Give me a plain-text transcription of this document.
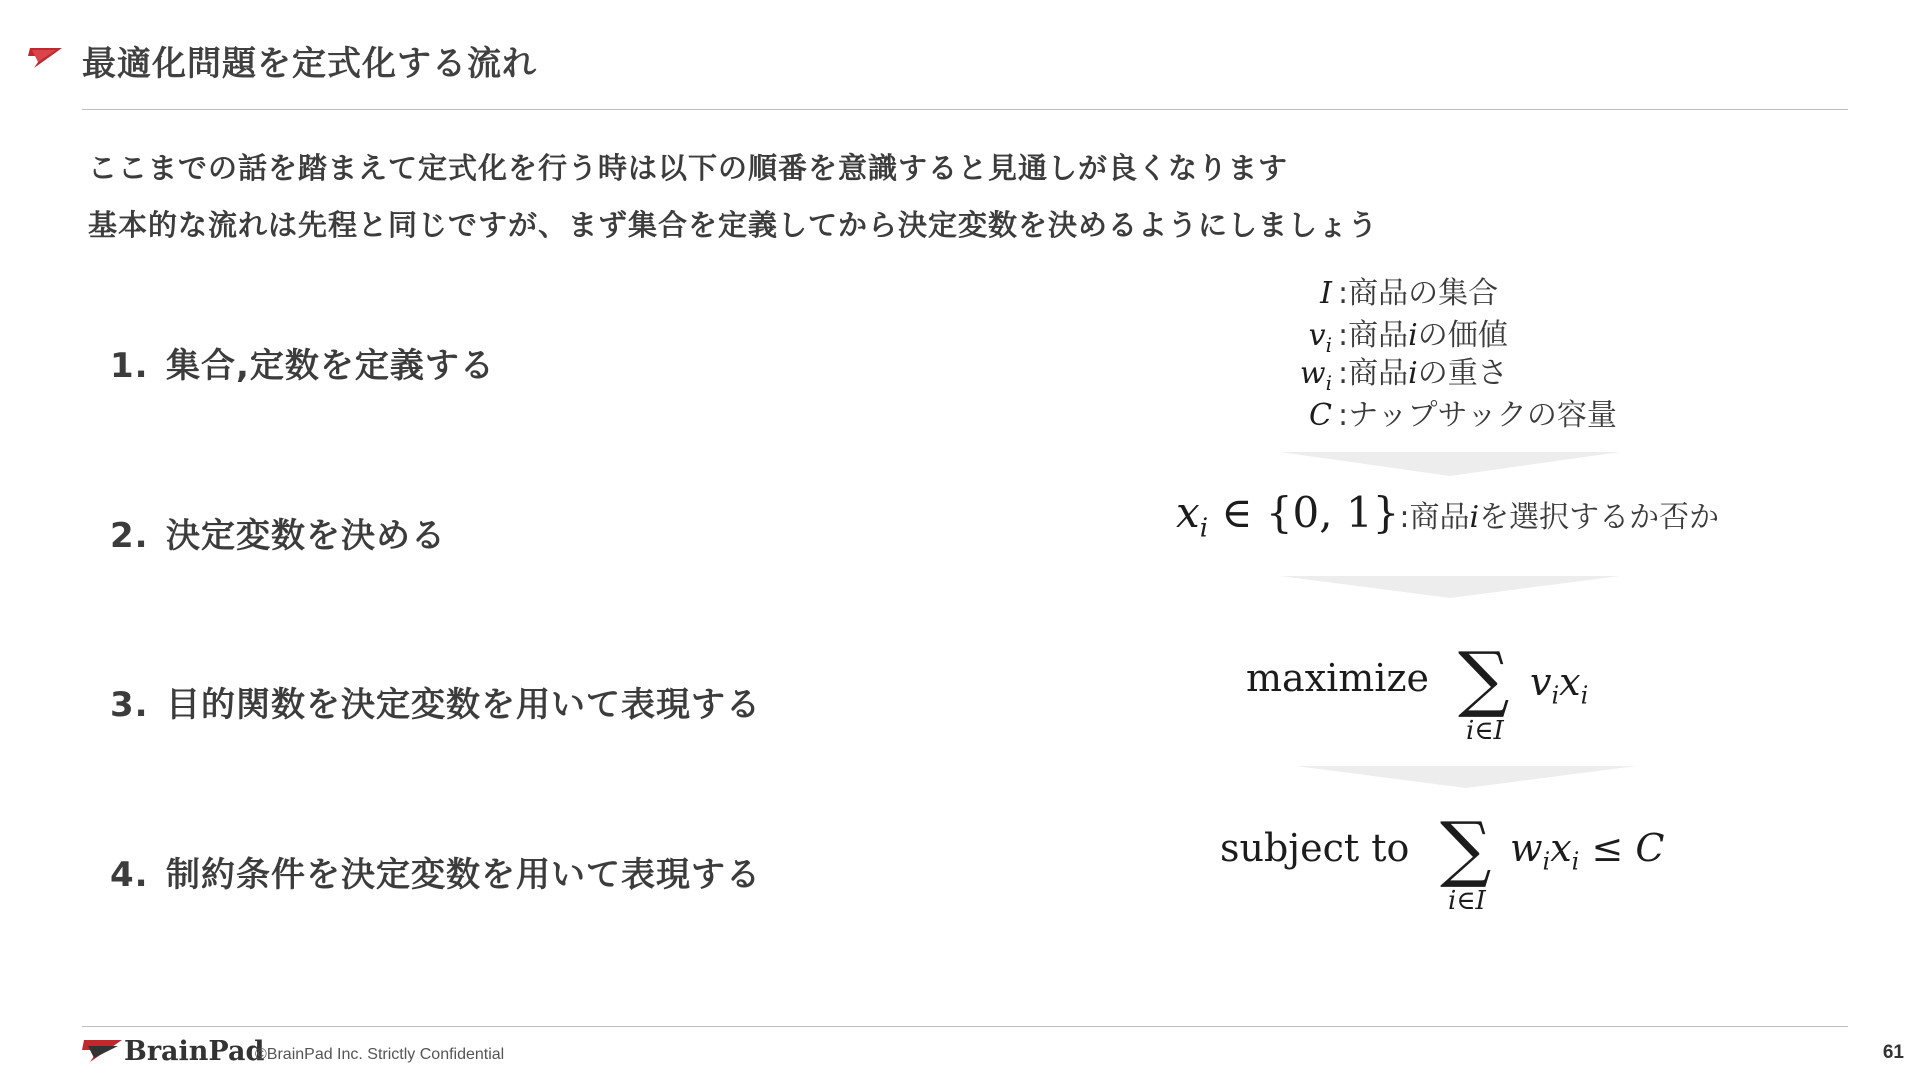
最適化問題を定式化する流れ
ここまでの話を踏まえて定式化を行う時は以下の順番を意識すると見通しが良くなります
基本的な流れは先程と同じですが、まず集合を定義してから決定変数を決めるようにしましょう
1. 集合,定数を定義する
2. 決定変数を決める
3. 目的関数を決定変数を用いて表現する
4. 制約条件を決定変数を用いて表現する
I :商品の集合
$v_i$ :商品iの価値
$w_i$ :商品iの重さ
C :ナップサックの容量
$x_i$ ∈ {0, 1}:商品iを選択するか否か
maximize ∑
i∈I
$v_ix_i$
subject to ∑
i∈I
$w_ix_i \le C$
BrainPad
©BrainPad Inc. Strictly Confidential	61
